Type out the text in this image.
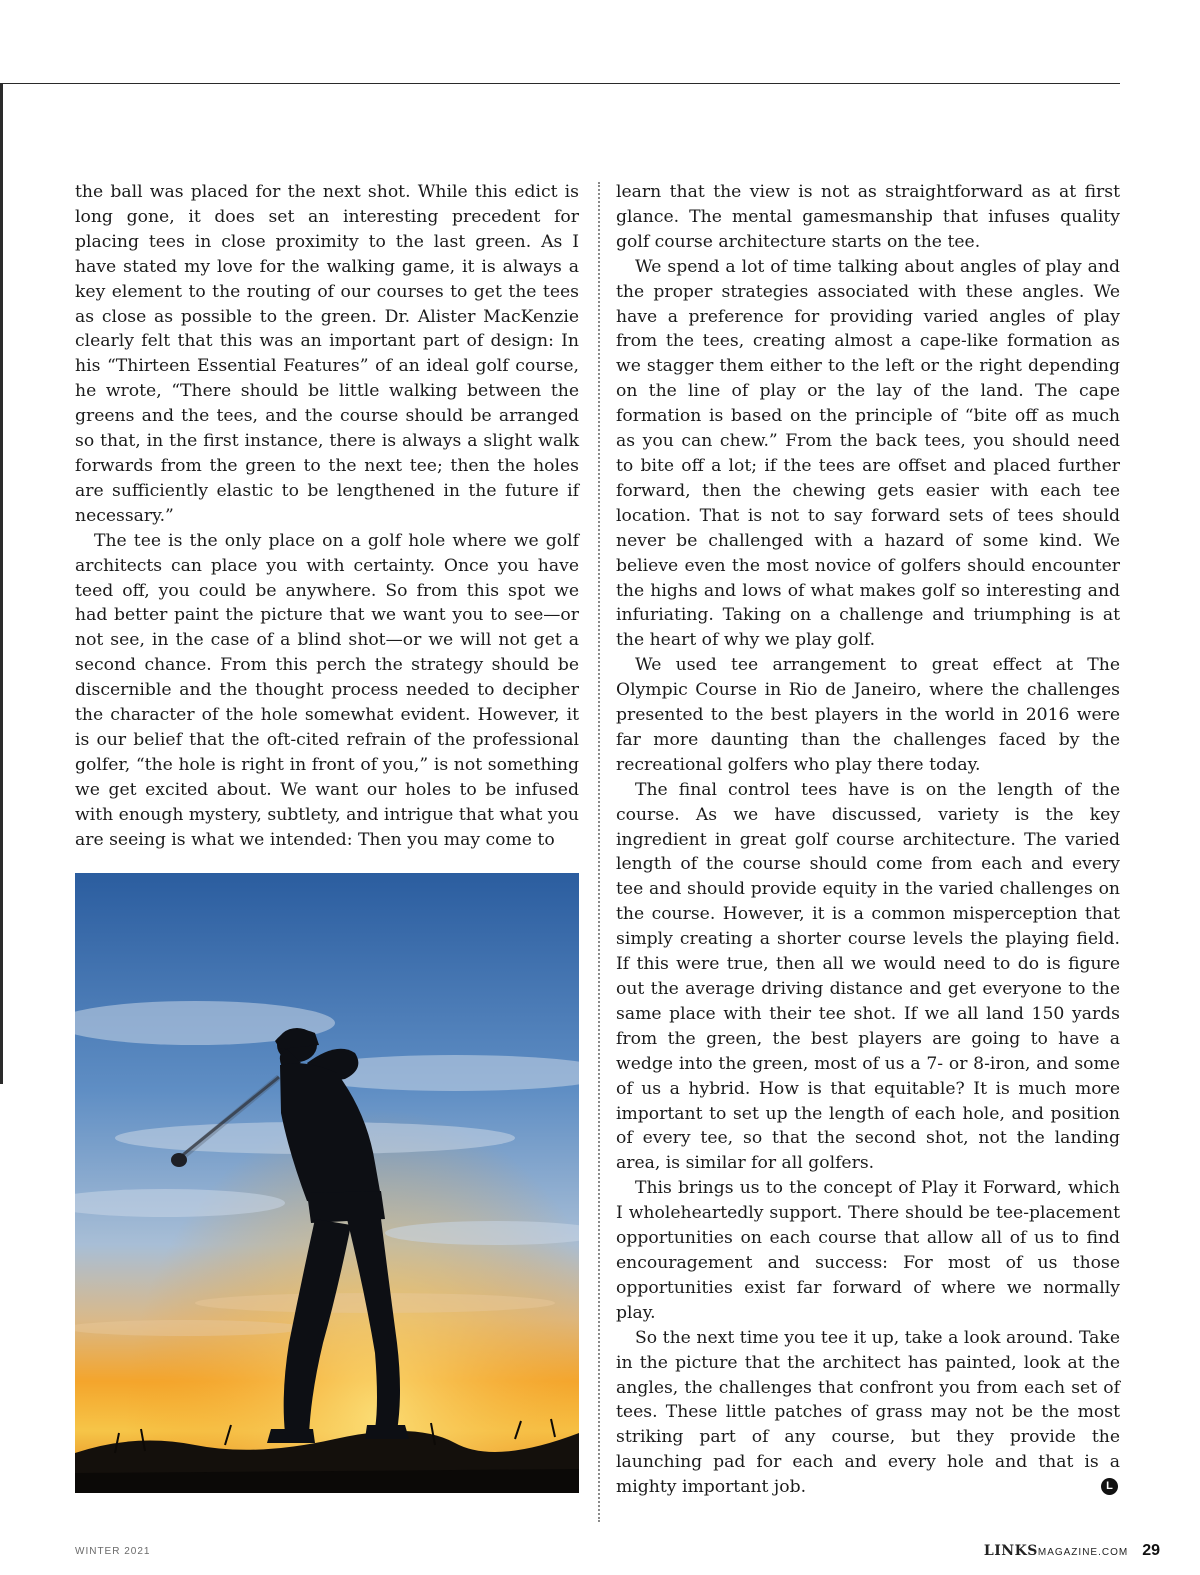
the ball was placed for the next shot. While this edict is long gone, it does set an interesting precedent for placing tees in close proximity to the last green. As I have stated my love for the walking game, it is always a key element to the routing of our courses to get the tees as close as possible to the green. Dr. Alister MacKenzie clearly felt that this was an important part of design: In his “Thirteen Essential Features” of an ideal golf course, he wrote, “There should be little walking between the greens and the tees, and the course should be arranged so that, in the first instance, there is always a slight walk forwards from the green to the next tee; then the holes are sufficiently elastic to be lengthened in the future if necessary.”

The tee is the only place on a golf hole where we golf architects can place you with certainty. Once you have teed off, you could be anywhere. So from this spot we had better paint the picture that we want you to see—or not see, in the case of a blind shot—or we will not get a second chance. From this perch the strategy should be discernible and the thought process needed to decipher the character of the hole somewhat evident. However, it is our belief that the oft-cited refrain of the professional golfer, “the hole is right in front of you,” is not something we get excited about. We want our holes to be infused with enough mystery, subtlety, and intrigue that what you are seeing is what we intended: Then you may come to

learn that the view is not as straightforward as at first glance. The mental gamesmanship that infuses quality golf course architecture starts on the tee.

We spend a lot of time talking about angles of play and the proper strategies associated with these angles. We have a preference for providing varied angles of play from the tees, creating almost a cape-like formation as we stagger them either to the left or the right depending on the line of play or the lay of the land. The cape formation is based on the principle of “bite off as much as you can chew.” From the back tees, you should need to bite off a lot; if the tees are offset and placed further forward, then the chewing gets easier with each tee location. That is not to say forward sets of tees should never be challenged with a hazard of some kind. We believe even the most novice of golfers should encounter the highs and lows of what makes golf so interesting and infuriating. Taking on a challenge and triumphing is at the heart of why we play golf.

We used tee arrangement to great effect at The Olympic Course in Rio de Janeiro, where the challenges presented to the best players in the world in 2016 were far more daunting than the challenges faced by the recreational golfers who play there today.

The final control tees have is on the length of the course. As we have discussed, variety is the key ingredient in great golf course architecture. The varied length of the course should come from each and every tee and should provide equity in the varied challenges on the course. However, it is a common misperception that simply creating a shorter course levels the playing field. If this were true, then all we would need to do is figure out the average driving distance and get everyone to the same place with their tee shot. If we all land 150 yards from the green, the best players are going to have a wedge into the green, most of us a 7- or 8-iron, and some of us a hybrid. How is that equitable? It is much more important to set up the length of each hole, and position of every tee, so that the second shot, not the landing area, is similar for all golfers.

This brings us to the concept of Play it Forward, which I wholeheartedly support. There should be tee-placement opportunities on each course that allow all of us to find encouragement and success: For most of us those opportunities exist far forward of where we normally play.

So the next time you tee it up, take a look around. Take in the picture that the architect has painted, look at the angles, the challenges that confront you from each set of tees. These little patches of grass may not be the most striking part of any course, but they provide the launching pad for each and every hole and that is a mighty important job.	L
WINTER 2021	LINKSMAGAZINE.COM 29
